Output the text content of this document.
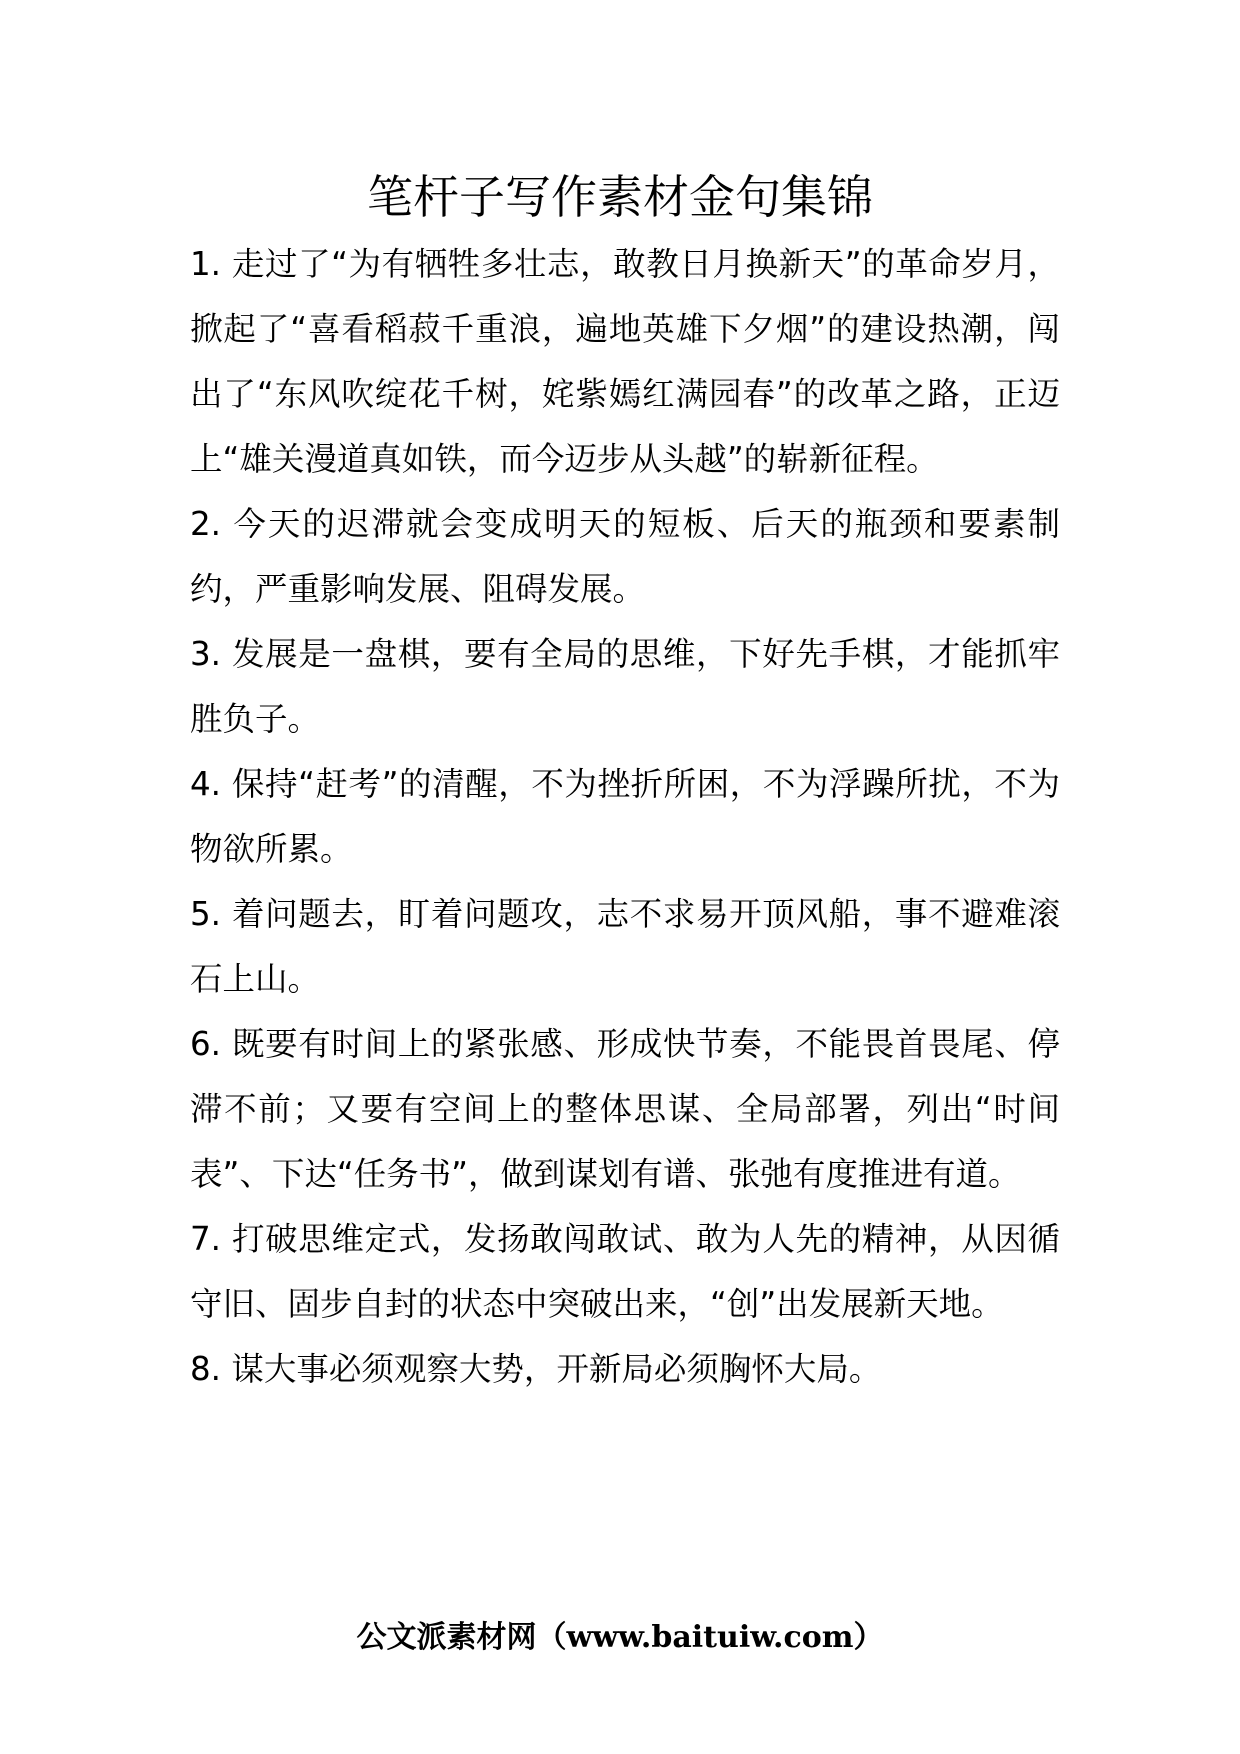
笔杆子写作素材金句集锦

1. 走过了“为有牺牲多壮志，敢教日月换新天”的革命岁月，掀起了“喜看稻菽千重浪，遍地英雄下夕烟”的建设热潮，闯出了“东风吹绽花千树，姹紫嫣红满园春”的改革之路，正迈上“雄关漫道真如铁，而今迈步从头越”的崭新征程。

2. 今天的迟滞就会变成明天的短板、后天的瓶颈和要素制约，严重影响发展、阻碍发展。

3. 发展是一盘棋，要有全局的思维，下好先手棋，才能抓牢胜负子。

4. 保持“赶考”的清醒，不为挫折所困，不为浮躁所扰，不为物欲所累。

5. 着问题去，盯着问题攻，志不求易开顶风船，事不避难滚石上山。

6. 既要有时间上的紧张感、形成快节奏，不能畏首畏尾、停滞不前；又要有空间上的整体思谋、全局部署，列出“时间表”、下达“任务书”，做到谋划有谱、张弛有度推进有道。

7. 打破思维定式，发扬敢闯敢试、敢为人先的精神，从因循守旧、固步自封的状态中突破出来，“创”出发展新天地。

8. 谋大事必须观察大势，开新局必须胸怀大局。

公文派素材网（www.baituiw.com）
